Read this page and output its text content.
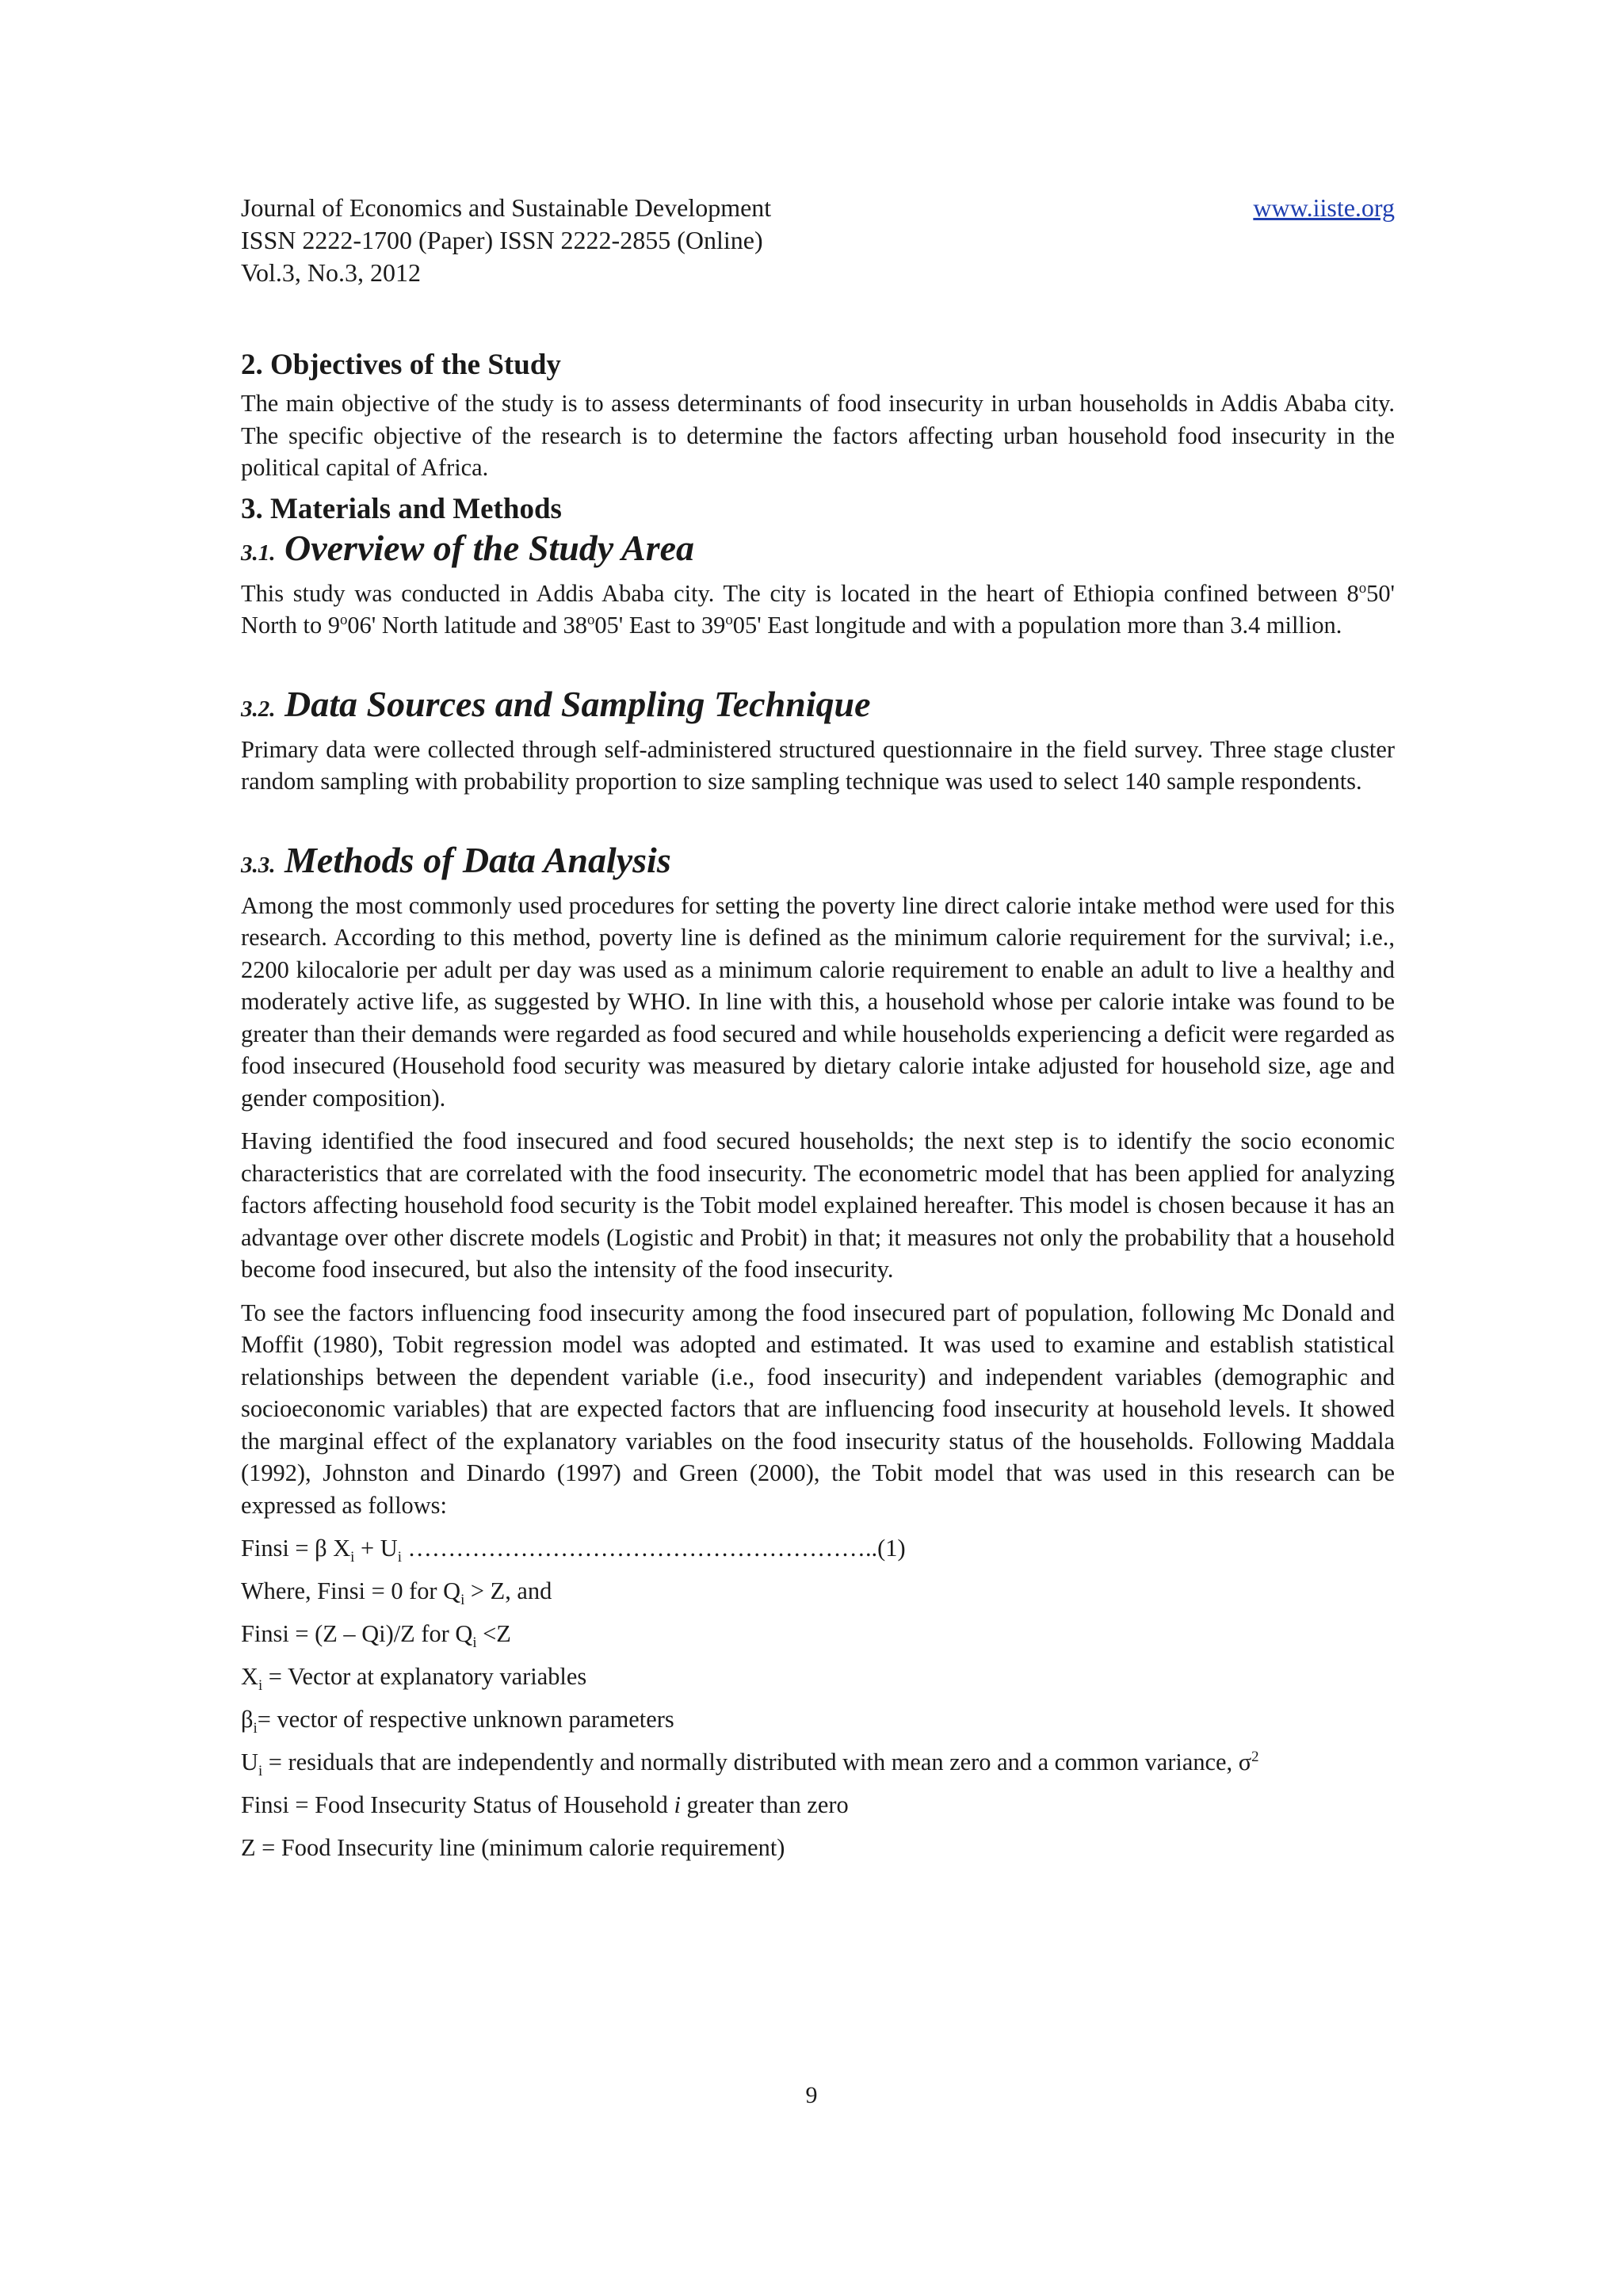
Journal of Economics and Sustainable Development	www.iiste.org
ISSN 2222-1700 (Paper) ISSN 2222-2855 (Online)
Vol.3, No.3, 2012
2. Objectives of the Study

The main objective of the study is to assess determinants of food insecurity in urban households in Addis Ababa city. The specific objective of the research is to determine the factors affecting urban household food insecurity in the political capital of Africa.

3. Materials and Methods
3.1. Overview of the Study Area

This study was conducted in Addis Ababa city. The city is located in the heart of Ethiopia confined between 8$^o$50' North to 9$^o$06' North latitude and 38$^o$05' East to 39$^o$05' East longitude and with a population more than 3.4 million.

3.2. Data Sources and Sampling Technique

Primary data were collected through self-administered structured questionnaire in the field survey. Three stage cluster random sampling with probability proportion to size sampling technique was used to select 140 sample respondents.

3.3. Methods of Data Analysis

Among the most commonly used procedures for setting the poverty line direct calorie intake method were used for this research. According to this method, poverty line is defined as the minimum calorie requirement for the survival; i.e., 2200 kilocalorie per adult per day was used as a minimum calorie requirement to enable an adult to live a healthy and moderately active life, as suggested by WHO. In line with this, a household whose per calorie intake was found to be greater than their demands were regarded as food secured and while households experiencing a deficit were regarded as food insecured (Household food security was measured by dietary calorie intake adjusted for household size, age and gender composition).

Having identified the food insecured and food secured households; the next step is to identify the socio economic characteristics that are correlated with the food insecurity. The econometric model that has been applied for analyzing factors affecting household food security is the Tobit model explained hereafter. This model is chosen because it has an advantage over other discrete models (Logistic and Probit) in that; it measures not only the probability that a household become food insecured, but also the intensity of the food insecurity.

To see the factors influencing food insecurity among the food insecured part of population, following Mc Donald and Moffit (1980), Tobit regression model was adopted and estimated. It was used to examine and establish statistical relationships between the dependent variable (i.e., food insecurity) and independent variables (demographic and socioeconomic variables) that are expected factors that are influencing food insecurity at household levels. It showed the marginal effect of the explanatory variables on the food insecurity status of the households. Following Maddala (1992), Johnston and Dinardo (1997) and Green (2000), the Tobit model that was used in this research can be expressed as follows:

Finsi = β $X_i + U_i$ …………………………………………………..(1)

Where, Finsi = 0 for $Q_i > Z$, and

Finsi = (Z – Qi)/Z for $Q_i <Z$

$X_i$ = Vector at explanatory variables

$\beta_i=$ vector of respective unknown parameters

$U_i$ = residuals that are independently and normally distributed with mean zero and a common variance, $\sigma^2$

Finsi = Food Insecurity Status of Household i greater than zero

Z = Food Insecurity line (minimum calorie requirement)

9
